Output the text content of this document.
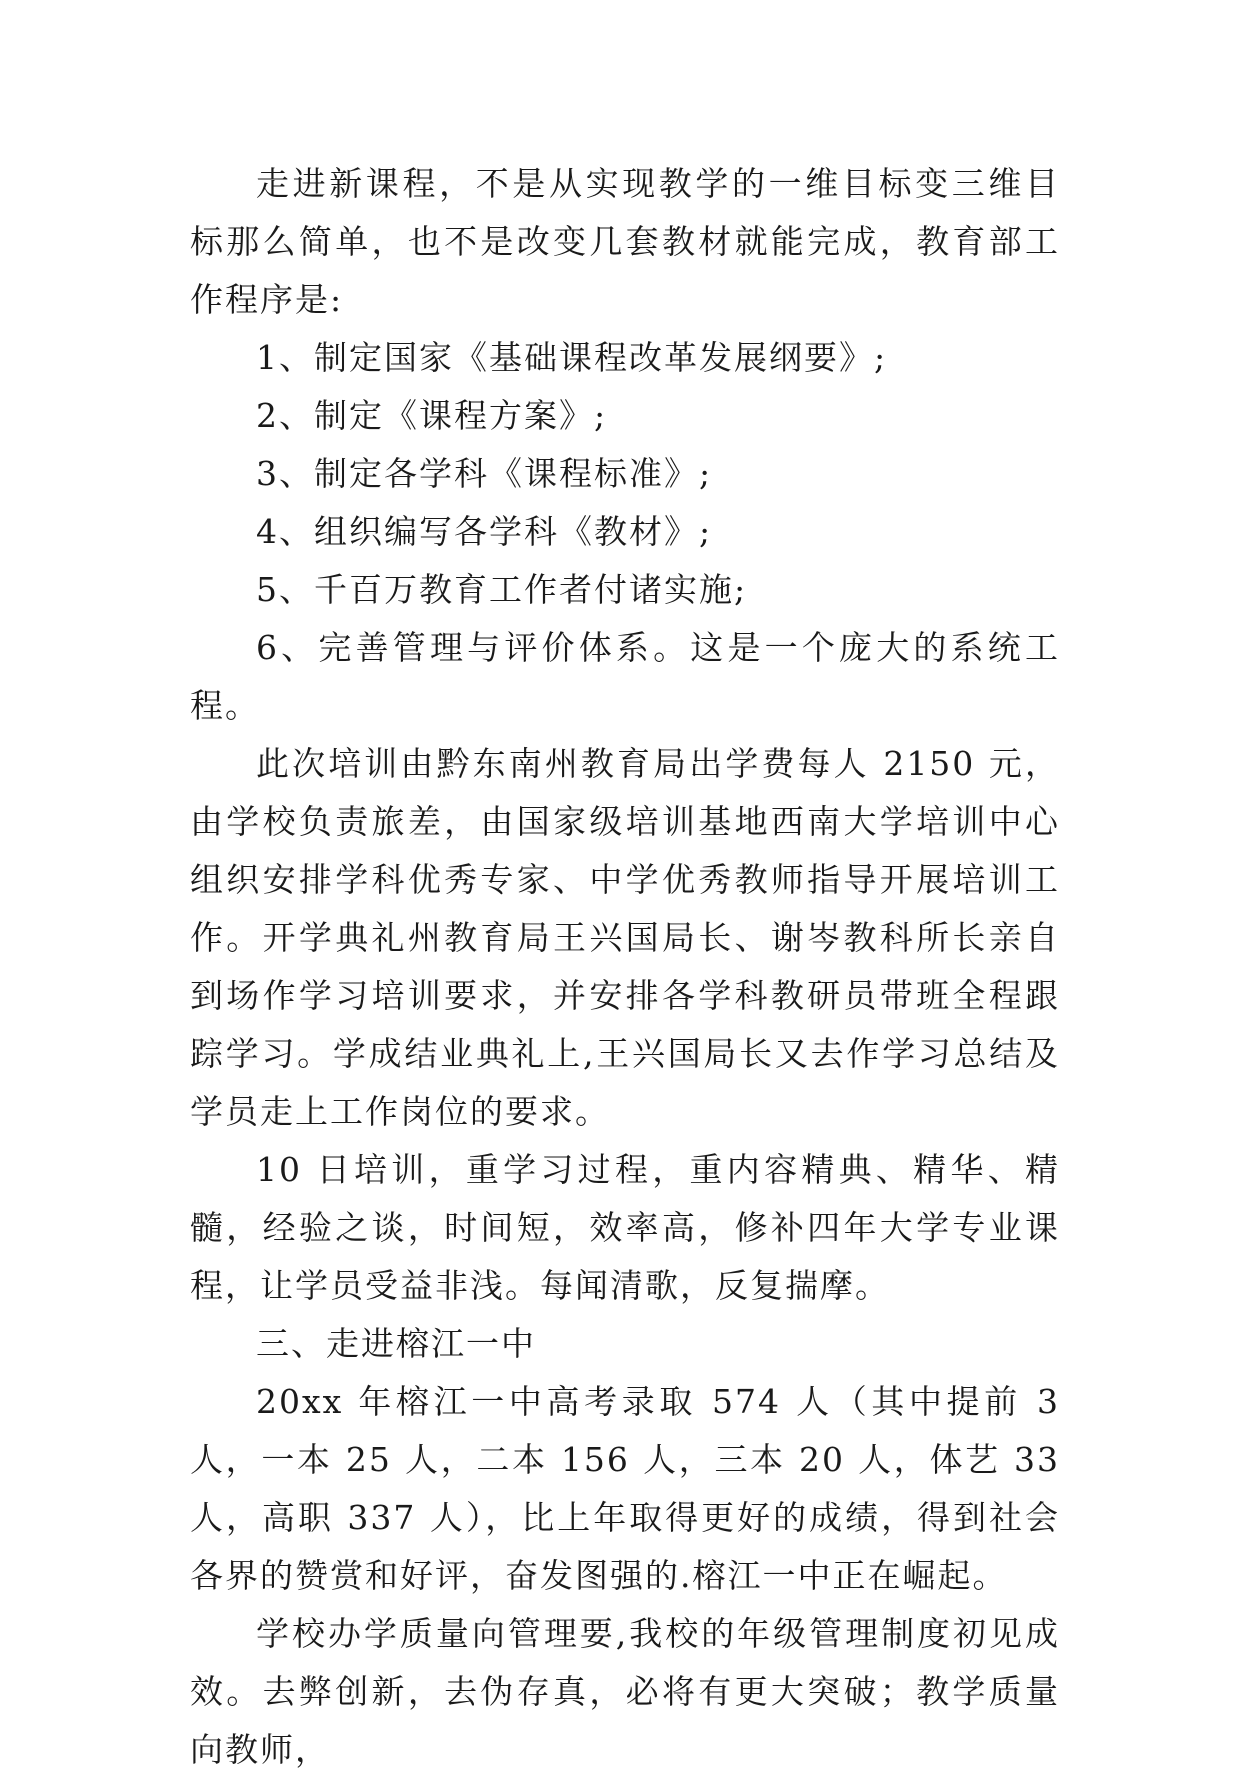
走进新课程，不是从实现教学的一维目标变三维目标那么简单，也不是改变几套教材就能完成，教育部工作程序是:

1、制定国家《基础课程改革发展纲要》;

2、制定《课程方案》;

3、制定各学科《课程标准》;

4、组织编写各学科《教材》;

5、千百万教育工作者付诸实施;

6、完善管理与评价体系。这是一个庞大的系统工程。

此次培训由黔东南州教育局出学费每人 2150 元，由学校负责旅差，由国家级培训基地西南大学培训中心组织安排学科优秀专家、中学优秀教师指导开展培训工作。开学典礼州教育局王兴国局长、谢岑教科所长亲自到场作学习培训要求，并安排各学科教研员带班全程跟踪学习。学成结业典礼上,王兴国局长又去作学习总结及学员走上工作岗位的要求。

10 日培训，重学习过程，重内容精典、精华、精髓，经验之谈，时间短，效率高，修补四年大学专业课程，让学员受益非浅。每闻清歌，反复揣摩。

三、走进榕江一中

20xx 年榕江一中高考录取 574 人（其中提前 3 人，一本 25 人，二本 156 人，三本 20 人，体艺 33 人，高职 337 人），比上年取得更好的成绩，得到社会各界的赞赏和好评，奋发图强的.榕江一中正在崛起。

学校办学质量向管理要,我校的年级管理制度初见成效。去弊创新，去伪存真，必将有更大突破；教学质量向教师，
